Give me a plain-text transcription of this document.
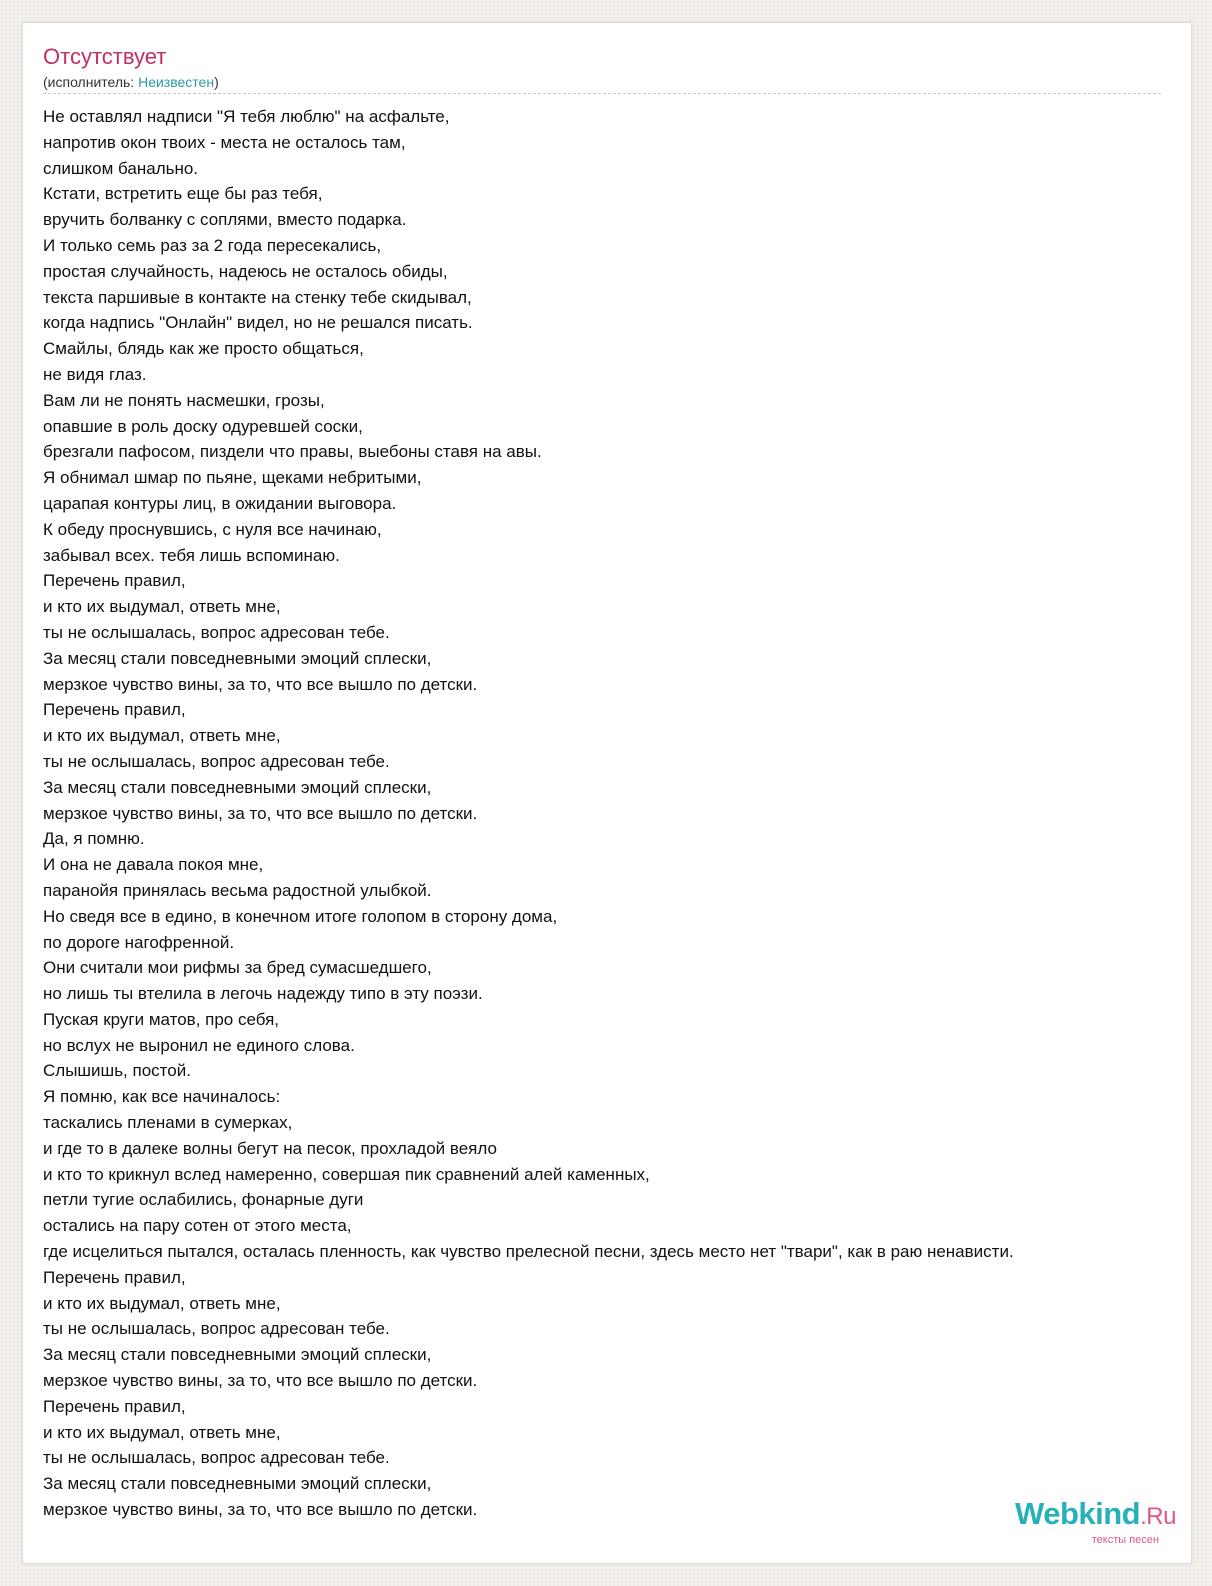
Отсутствует
(исполнитель: Неизвестен)
Не оставлял надписи "Я тебя люблю" на асфальте,
напротив окон твоих - места не осталось там,
слишком банально.
Кстати, встретить еще бы раз тебя,
вручить болванку с соплями, вместо подарка.
И только семь раз за 2 года пересекались,
простая случайность, надеюсь не осталось обиды,
текста паршивые в контакте на стенку тебе скидывал,
когда надпись "Онлайн" видел, но не решался писать.
Смайлы, блядь как же просто общаться,
не видя глаз.
Вам ли не понять насмешки, грозы,
опавшие в роль доску одуревшей соски,
брезгали пафосом, пиздели что правы, выебоны ставя на авы.
Я обнимал шмар по пьяне, щеками небритыми,
царапая контуры лиц, в ожидании выговора.
К обеду проснувшись, с нуля все начинаю,
забывал всех. тебя лишь вспоминаю.
Перечень правил,
и кто их выдумал, ответь мне,
ты не ослышалась, вопрос адресован тебе.
За месяц стали повседневными эмоций сплески,
мерзкое чувство вины, за то, что все вышло по детски.
Перечень правил,
и кто их выдумал, ответь мне,
ты не ослышалась, вопрос адресован тебе.
За месяц стали повседневными эмоций сплески,
мерзкое чувство вины, за то, что все вышло по детски.
Да, я помню.
И она не давала покоя мне,
паранойя принялась весьма радостной улыбкой.
Но сведя все в едино, в конечном итоге голопом в сторону дома,
по дороге нагофренной.
Они считали мои рифмы за бред сумасшедшего,
но лишь ты втелила в легочь надежду типо в эту поэзи.
Пуская круги матов, про себя,
но вслух не выронил не единого слова.
Слышишь, постой.
Я помню, как все начиналось:
таскались пленами в сумерках,
и где то в далеке волны бегут на песок, прохладой веяло
и кто то крикнул вслед намеренно, совершая пик сравнений алей каменных,
петли тугие ослабились, фонарные дуги
остались на пару сотен от этого места,
где исцелиться пытался, осталась пленность, как чувство прелесной песни, здесь место нет "твари", как в раю ненависти.
Перечень правил,
и кто их выдумал, ответь мне,
ты не ослышалась, вопрос адресован тебе.
За месяц стали повседневными эмоций сплески,
мерзкое чувство вины, за то, что все вышло по детски.
Перечень правил,
и кто их выдумал, ответь мне,
ты не ослышалась, вопрос адресован тебе.
За месяц стали повседневными эмоций сплески,
мерзкое чувство вины, за то, что все вышло по детски.	Webkind.Ru
тексты песен
